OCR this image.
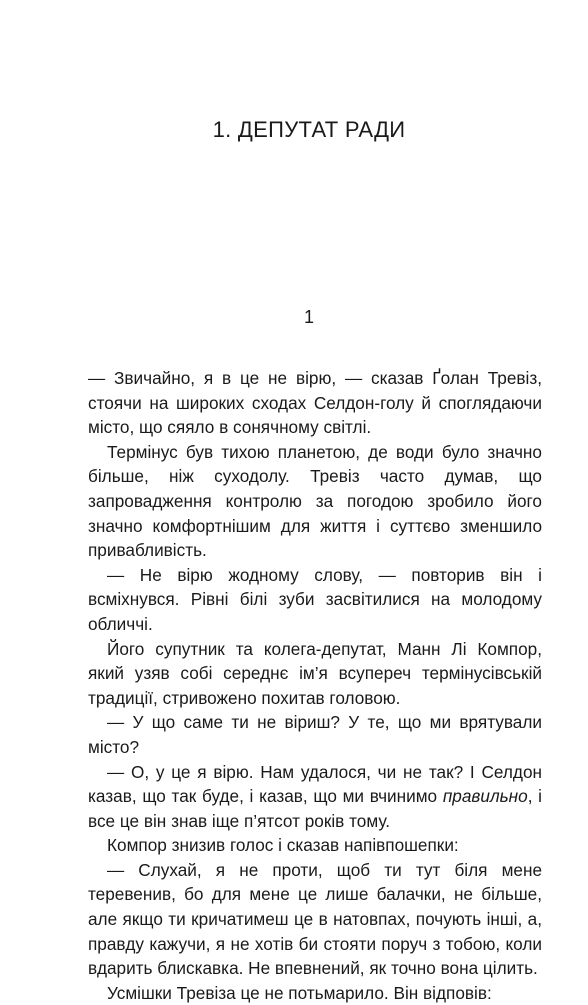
1. ДЕПУТАТ РАДИ
1

— Звичайно, я в це не вірю, — сказав Ґолан Тревіз, стоячи на широких сходах Селдон-голу й споглядаючи місто, що сяяло в сонячному світлі.

Термінус був тихою планетою, де води було значно більше, ніж суходолу. Тревіз часто думав, що запровадження контролю за погодою зробило його значно комфортнішим для життя і суттєво зменшило привабливість.

— Не вірю жодному слову, — повторив він і всміхнувся. Рівні білі зуби засвітилися на молодому обличчі.

Його супутник та колега-депутат, Манн Лі Компор, який узяв собі середнє ім’я всупереч термінусівській традиції, стривожено похитав головою.

— У що саме ти не віриш? У те, що ми врятували місто?

— О, у це я вірю. Нам удалося, чи не так? І Селдон казав, що так буде, і казав, що ми вчинимо правильно, і все це він знав іще п’ятсот років тому.

Компор знизив голос і сказав напівпошепки:

— Слухай, я не проти, щоб ти тут біля мене теревенив, бо для мене це лише балачки, не більше, але якщо ти кричатимеш це в натовпах, почують інші, а, правду кажучи, я не хотів би стояти поруч з тобою, коли вдарить блискавка. Не впевнений, як точно вона цілить.

Усмішки Тревіза це не потьмарило. Він відповів:
